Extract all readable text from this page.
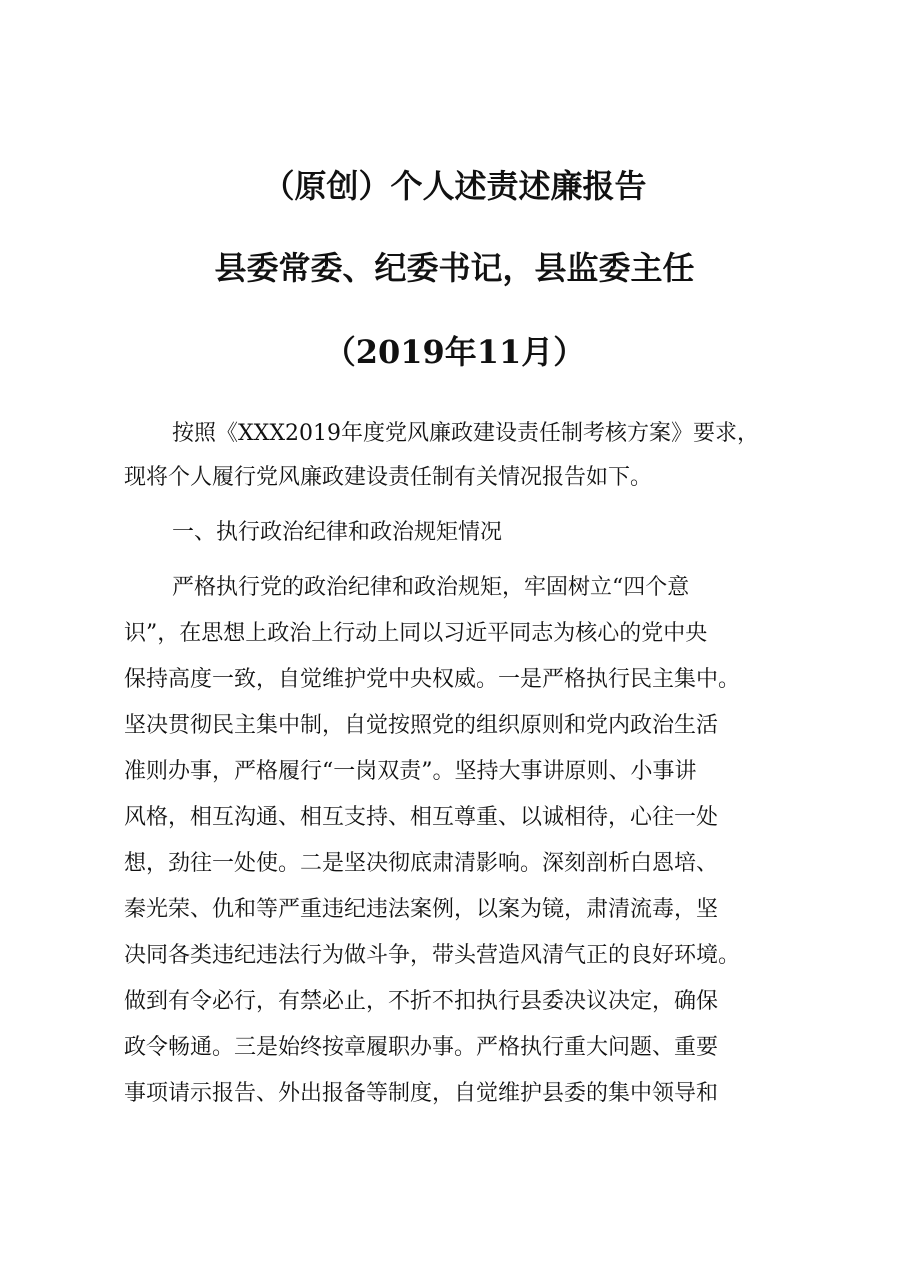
（原创）个人述责述廉报告
县委常委、纪委书记，县监委主任
（2019年11月）
按照《XXX2019年度党风廉政建设责任制考核方案》要求，
现将个人履行党风廉政建设责任制有关情况报告如下。
一、执行政治纪律和政治规矩情况
严格执行党的政治纪律和政治规矩，牢固树立“四个意
识”，在思想上政治上行动上同以习近平同志为核心的党中央
保持高度一致，自觉维护党中央权威。一是严格执行民主集中。
坚决贯彻民主集中制，自觉按照党的组织原则和党内政治生活
准则办事，严格履行“一岗双责”。坚持大事讲原则、小事讲
风格，相互沟通、相互支持、相互尊重、以诚相待，心往一处
想，劲往一处使。二是坚决彻底肃清影响。深刻剖析白恩培、
秦光荣、仇和等严重违纪违法案例，以案为镜，肃清流毒，坚
决同各类违纪违法行为做斗争，带头营造风清气正的良好环境。
做到有令必行，有禁必止，不折不扣执行县委决议决定，确保
政令畅通。三是始终按章履职办事。严格执行重大问题、重要
事项请示报告、外出报备等制度，自觉维护县委的集中领导和
